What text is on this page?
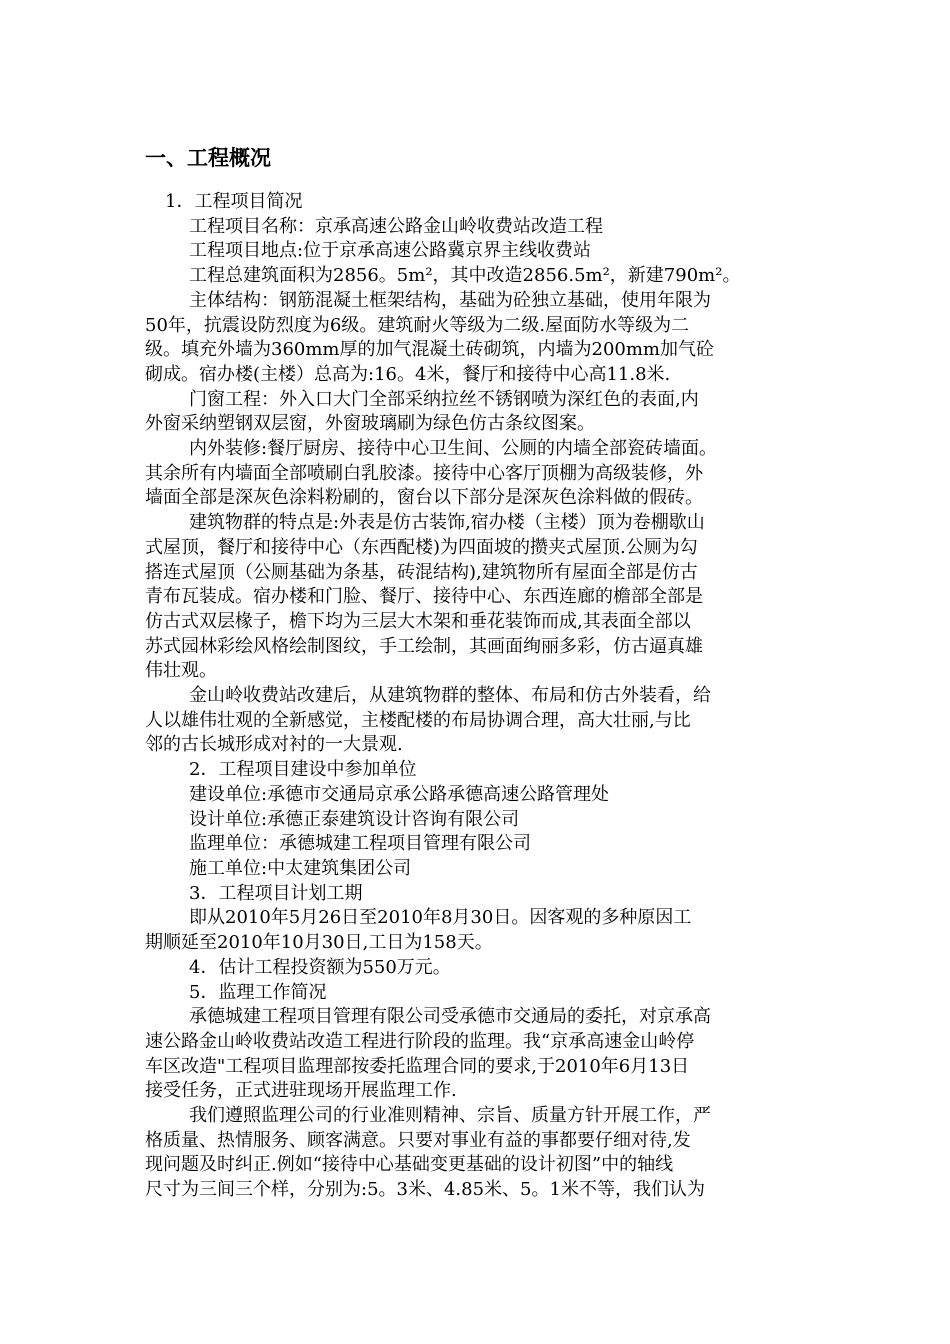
一、工程概况
1．工程项目简况
工程项目名称：京承高速公路金山岭收费站改造工程
工程项目地点:位于京承高速公路冀京界主线收费站
工程总建筑面积为2856。5m²，其中改造2856.5m²，新建790m²。
主体结构：钢筋混凝土框架结构，基础为砼独立基础，使用年限为
50年，抗震设防烈度为6级。建筑耐火等级为二级.屋面防水等级为二
级。填充外墙为360mm厚的加气混凝土砖砌筑，内墙为200mm加气砼
砌成。宿办楼(主楼）总高为:16。4米，餐厅和接待中心高11.8米.
门窗工程：外入口大门全部采纳拉丝不锈钢喷为深红色的表面,内
外窗采纳塑钢双层窗，外窗玻璃刷为绿色仿古条纹图案。
内外装修:餐厅厨房、接待中心卫生间、公厕的内墙全部瓷砖墙面。
其余所有内墙面全部喷刷白乳胶漆。接待中心客厅顶棚为高级装修，外
墙面全部是深灰色涂料粉刷的，窗台以下部分是深灰色涂料做的假砖。
建筑物群的特点是:外表是仿古装饰,宿办楼（主楼）顶为卷棚歇山
式屋顶，餐厅和接待中心（东西配楼)为四面坡的攒夹式屋顶.公厕为勾
搭连式屋顶（公厕基础为条基，砖混结构),建筑物所有屋面全部是仿古
青布瓦装成。宿办楼和门脸、餐厅、接待中心、东西连廊的檐部全部是
仿古式双层椽子，檐下均为三层大木架和垂花装饰而成,其表面全部以
苏式园林彩绘风格绘制图纹，手工绘制，其画面绚丽多彩，仿古逼真雄
伟壮观。
金山岭收费站改建后，从建筑物群的整体、布局和仿古外装看，给
人以雄伟壮观的全新感觉，主楼配楼的布局协调合理，高大壮丽,与比
邻的古长城形成对衬的一大景观.
2．工程项目建设中参加单位
建设单位:承德市交通局京承公路承德高速公路管理处
设计单位:承德正泰建筑设计咨询有限公司
监理单位：承德城建工程项目管理有限公司
施工单位:中太建筑集团公司
3．工程项目计划工期
即从2010年5月26日至2010年8月30日。因客观的多种原因工
期顺延至2010年10月30日,工日为158天。
4．估计工程投资额为550万元。
5．监理工作简况
承德城建工程项目管理有限公司受承德市交通局的委托，对京承高
速公路金山岭收费站改造工程进行阶段的监理。我“京承高速金山岭停
车区改造"工程项目监理部按委托监理合同的要求,于2010年6月13日
接受任务，正式进驻现场开展监理工作.
我们遵照监理公司的行业准则精神、宗旨、质量方针开展工作，严
格质量、热情服务、顾客满意。只要对事业有益的事都要仔细对待,发
现问题及时纠正.例如“接待中心基础变更基础的设计初图”中的轴线
尺寸为三间三个样，分别为:5。3米、4.85米、5。1米不等，我们认为
